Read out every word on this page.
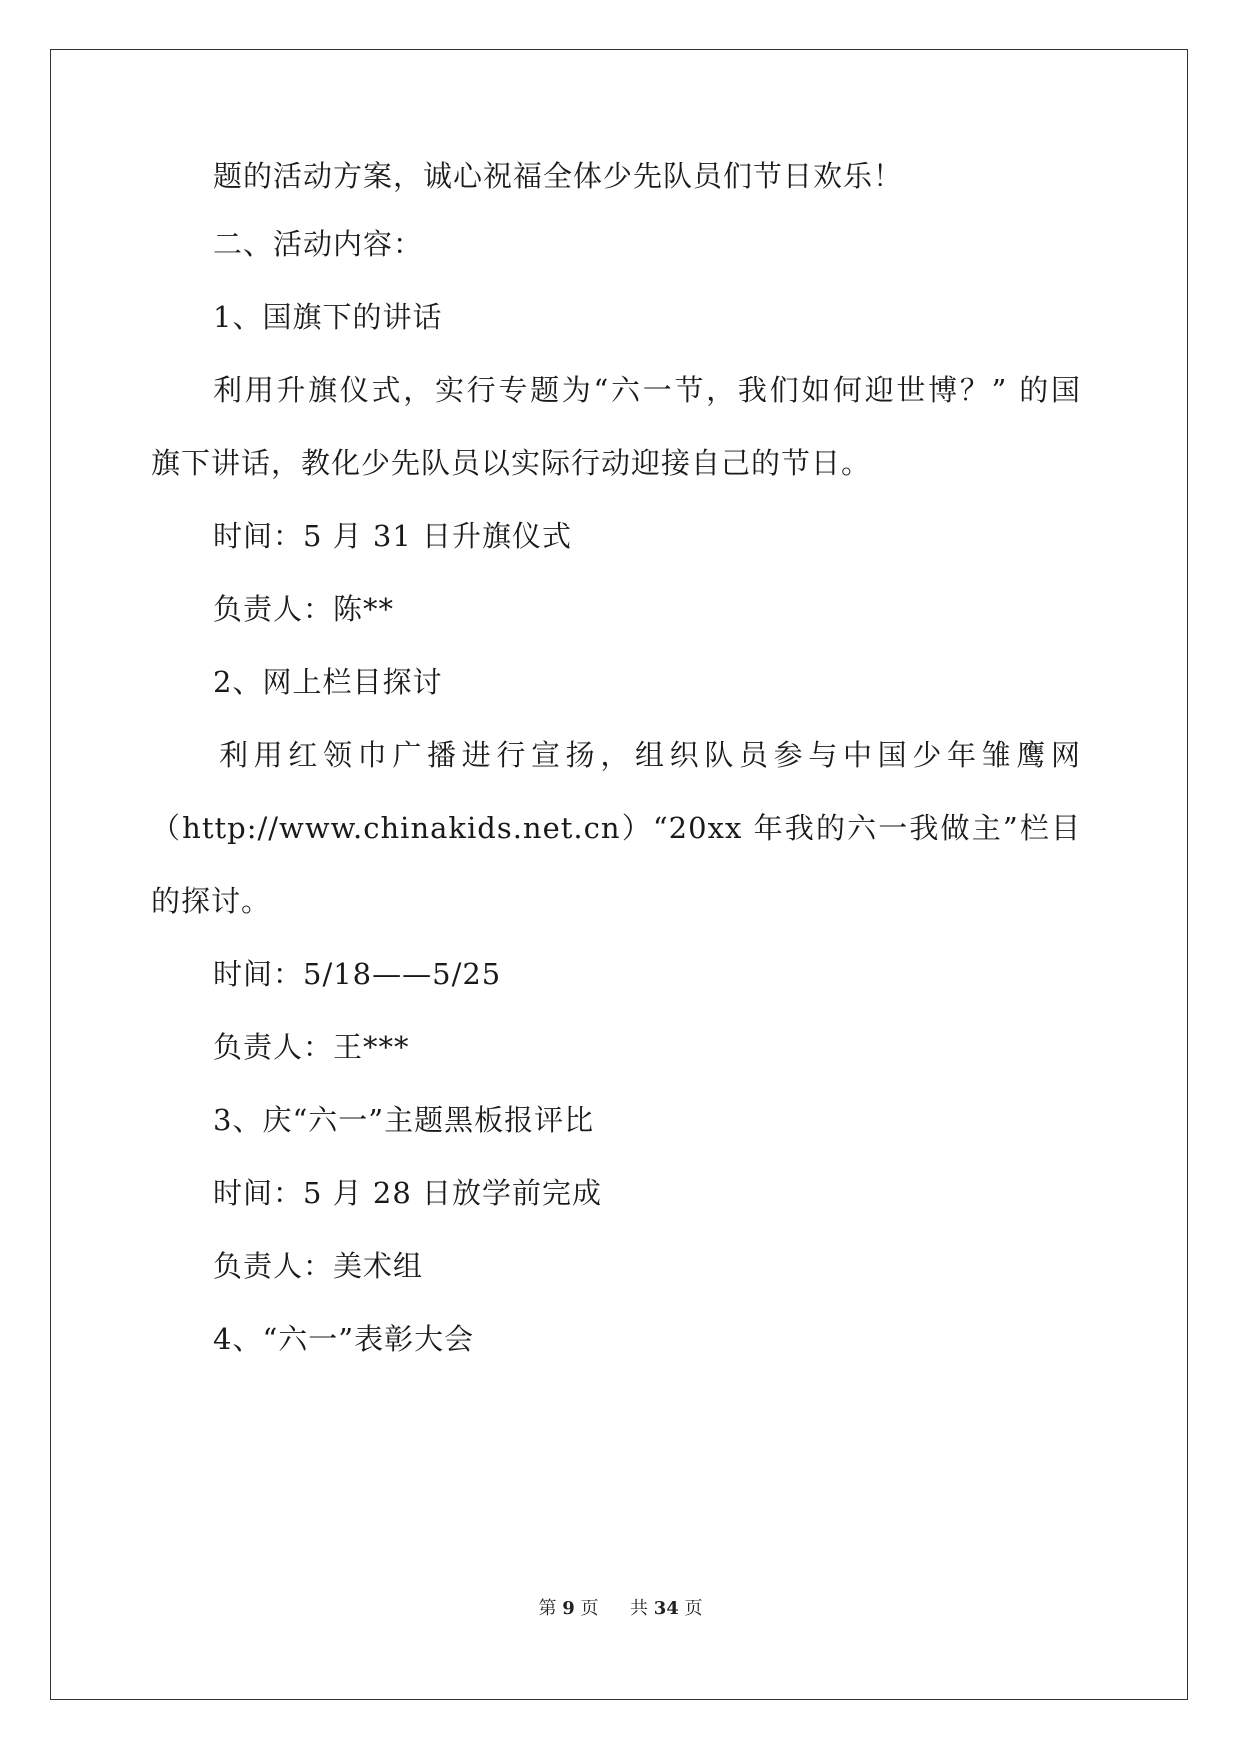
题的活动方案，诚心祝福全体少先队员们节日欢乐！
二、活动内容：
1、国旗下的讲话
利用升旗仪式，实行专题为“六一节，我们如何迎世博？” 的国
旗下讲话，教化少先队员以实际行动迎接自己的节日。
时间：5 月 31 日升旗仪式
负责人：陈**
2、网上栏目探讨
利用红领巾广播进行宣扬，组织队员参与中国少年雏鹰网
（http://www.chinakids.net.cn）“20xx 年我的六一我做主”栏目
的探讨。
时间：5/18——5/25
负责人：王***
3、庆“六一”主题黑板报评比
时间：5 月 28 日放学前完成
负责人：美术组
4、“六一”表彰大会
第 9 页 共 34 页
